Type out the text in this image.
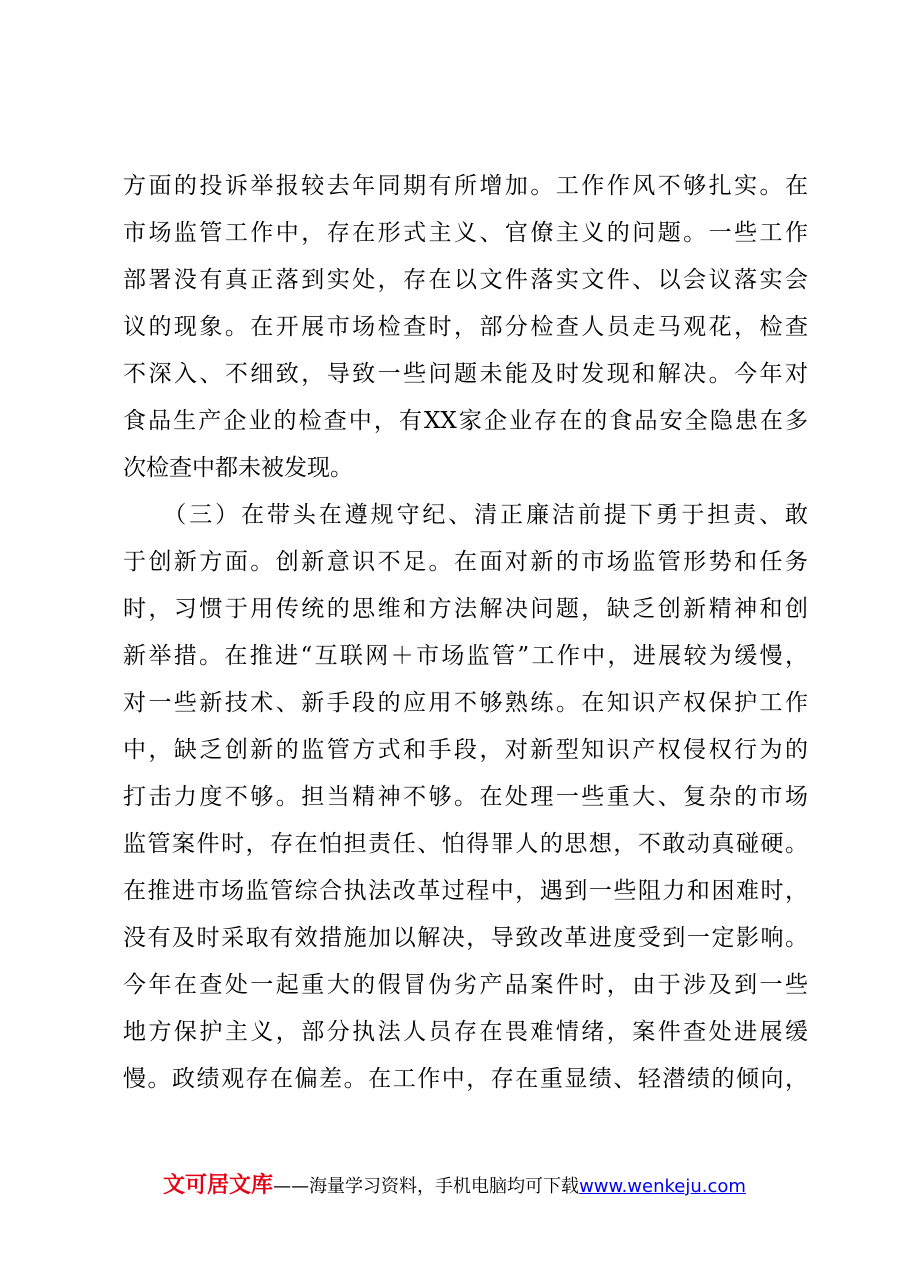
方面的投诉举报较去年同期有所增加。工作作风不够扎实。在
市场监管工作中，存在形式主义、官僚主义的问题。一些工作
部署没有真正落到实处，存在以文件落实文件、以会议落实会
议的现象。在开展市场检查时，部分检查人员走马观花，检查
不深入、不细致，导致一些问题未能及时发现和解决。今年对
食品生产企业的检查中，有XX家企业存在的食品安全隐患在多
次检查中都未被发现。
　　（三）在带头在遵规守纪、清正廉洁前提下勇于担责、敢
于创新方面。创新意识不足。在面对新的市场监管形势和任务
时，习惯于用传统的思维和方法解决问题，缺乏创新精神和创
新举措。在推进“互联网＋市场监管”工作中，进展较为缓慢，
对一些新技术、新手段的应用不够熟练。在知识产权保护工作
中，缺乏创新的监管方式和手段，对新型知识产权侵权行为的
打击力度不够。担当精神不够。在处理一些重大、复杂的市场
监管案件时，存在怕担责任、怕得罪人的思想，不敢动真碰硬。
在推进市场监管综合执法改革过程中，遇到一些阻力和困难时，
没有及时采取有效措施加以解决，导致改革进度受到一定影响。
今年在查处一起重大的假冒伪劣产品案件时，由于涉及到一些
地方保护主义，部分执法人员存在畏难情绪，案件查处进展缓
慢。政绩观存在偏差。在工作中，存在重显绩、轻潜绩的倾向，
文可居文库——海量学习资料，手机电脑均可下载www.wenkeju.com
